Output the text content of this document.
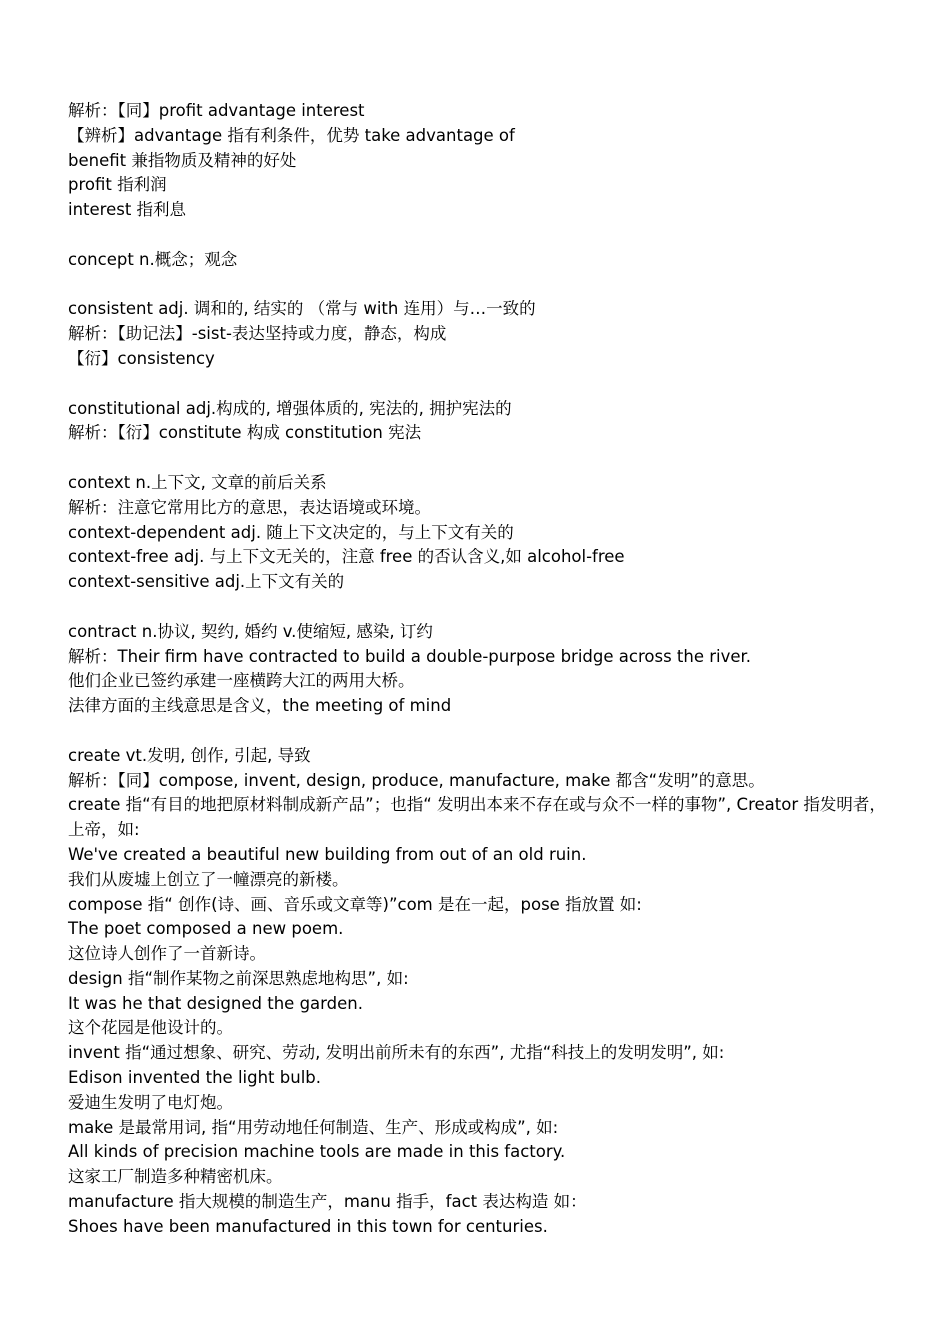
解析：【同】profit advantage interest
【辨析】advantage 指有利条件，优势 take advantage of
benefit 兼指物质及精神的好处
profit 指利润
interest 指利息
concept n.概念；观念
consistent adj. 调和的, 结实的 （常与 with 连用）与…一致的
解析：【助记法】-sist-表达坚持或力度，静态，构成
【衍】consistency
constitutional adj.构成的, 增强体质的, 宪法的, 拥护宪法的
解析：【衍】constitute 构成 constitution 宪法
context n.上下文, 文章的前后关系
解析：注意它常用比方的意思，表达语境或环境。
context-dependent adj. 随上下文决定的，与上下文有关的
context-free adj. 与上下文无关的，注意 free 的否认含义,如 alcohol-free
context-sensitive adj.上下文有关的
contract n.协议, 契约, 婚约 v.使缩短, 感染, 订约
解析：Their firm have contracted to build a double-purpose bridge across the river.
他们企业已签约承建一座横跨大江的两用大桥。
法律方面的主线意思是含义，the meeting of mind
create vt.发明, 创作, 引起, 导致
解析：【同】compose, invent, design, produce, manufacture, make 都含“发明”的意思。
create 指“有目的地把原材料制成新产品”；也指“ 发明出本来不存在或与众不一样的事物”, Creator 指发明者，上帝，如:
We've created a beautiful new building from out of an old ruin.
我们从废墟上创立了一幢漂亮的新楼。
compose 指“ 创作(诗、画、音乐或文章等)”com 是在一起，pose 指放置 如:
The poet composed a new poem.
这位诗人创作了一首新诗。
design 指“制作某物之前深思熟虑地构思”, 如:
It was he that designed the garden.
这个花园是他设计的。
invent 指“通过想象、研究、劳动, 发明出前所未有的东西”, 尤指“科技上的发明发明”, 如:
Edison invented the light bulb.
爱迪生发明了电灯炮。
make 是最常用词, 指“用劳动地任何制造、生产、形成或构成”, 如:
All kinds of precision machine tools are made in this factory.
这家工厂制造多种精密机床。
manufacture 指大规模的制造生产，manu 指手，fact 表达构造 如：
Shoes have been manufactured in this town for centuries.
